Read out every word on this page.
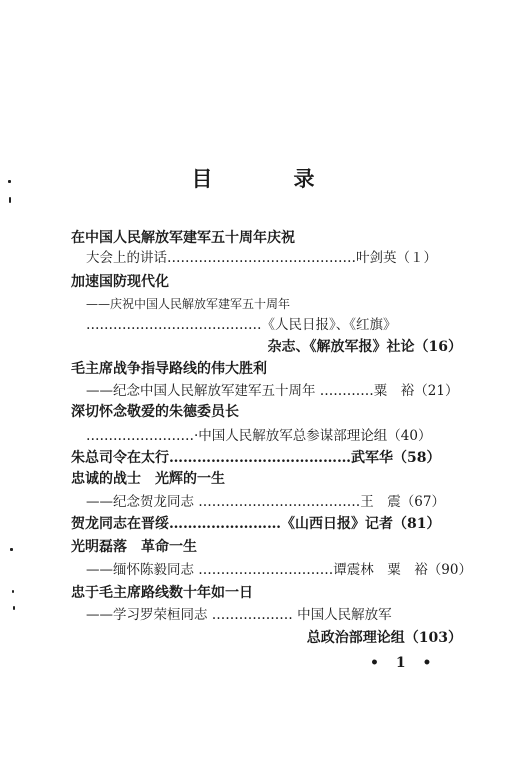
目　录
在中国人民解放军建军五十周年庆祝
大会上的讲话……………………………………叶剑英（１）
加速国防现代化
——庆祝中国人民解放军建军五十周年
…………………………………《人民日报》、《红旗》
杂志、《解放军报》社论（16）
毛主席战争指导路线的伟大胜利
——纪念中国人民解放军建军五十周年 …………粟　裕（21）
深切怀念敬爱的朱德委员长
……………………·中国人民解放军总参谋部理论组（40）
朱总司令在太行…………………………………武军华（58）
忠诚的战士　光辉的一生
——纪念贺龙同志 ………………………………王　震（67）
贺龙同志在晋绥……………………《山西日报》记者（81）
光明磊落　革命一生
——缅怀陈毅同志 …………………………谭震林　粟　裕（90）
忠于毛主席路线数十年如一日
——学习罗荣桓同志 ……………… 中国人民解放军
总政治部理论组（103）
• 1 •
